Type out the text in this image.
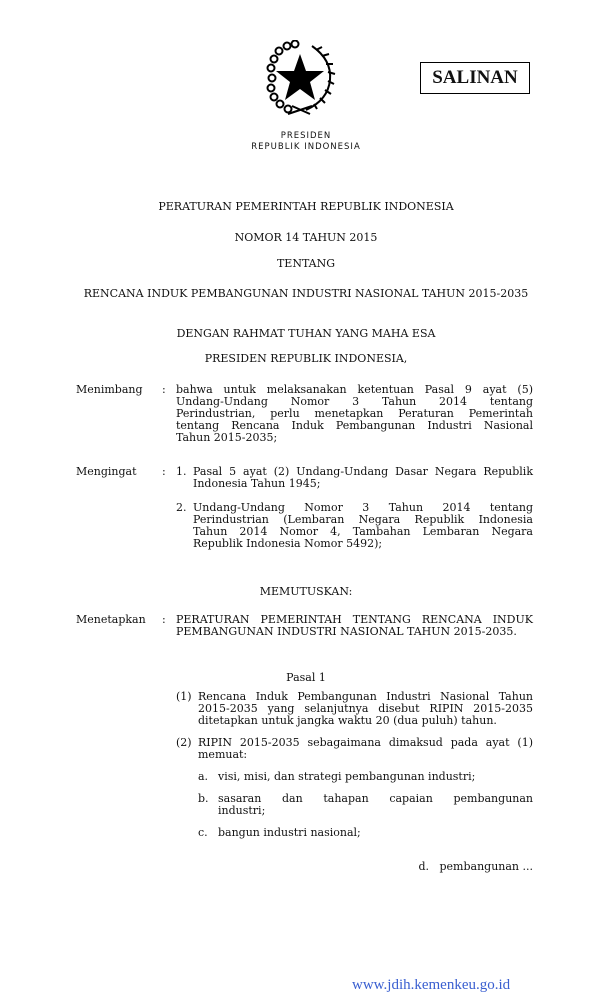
SALINAN
PRESIDEN
REPUBLIK INDONESIA
PERATURAN PEMERINTAH REPUBLIK INDONESIA
NOMOR 14 TAHUN 2015
TENTANG
RENCANA INDUK PEMBANGUNAN INDUSTRI NASIONAL TAHUN 2015-2035
DENGAN RAHMAT TUHAN YANG MAHA ESA
PRESIDEN REPUBLIK INDONESIA,
Menimbang : bahwa untuk melaksanakan ketentuan Pasal 9 ayat (5)
Undang-Undang Nomor 3 Tahun 2014 tentang
Perindustrian, perlu menetapkan Peraturan Pemerintah
tentang Rencana Induk Pembangunan Industri Nasional
Tahun 2015-2035;
Mengingat : 1. Pasal 5 ayat (2) Undang-Undang Dasar Negara Republik
Indonesia Tahun 1945;
2. Undang-Undang Nomor 3 Tahun 2014 tentang
Perindustrian (Lembaran Negara Republik Indonesia
Tahun 2014 Nomor 4, Tambahan Lembaran Negara
Republik Indonesia Nomor 5492);
MEMUTUSKAN:
Menetapkan : PERATURAN PEMERINTAH TENTANG RENCANA INDUK
PEMBANGUNAN INDUSTRI NASIONAL TAHUN 2015-2035.
Pasal 1
(1) Rencana Induk Pembangunan Industri Nasional Tahun
2015-2035 yang selanjutnya disebut RIPIN 2015-2035
ditetapkan untuk jangka waktu 20 (dua puluh) tahun.
(2) RIPIN 2015-2035 sebagaimana dimaksud pada ayat (1)
memuat:
a. visi, misi, dan strategi pembangunan industri;
b. sasaran dan tahapan capaian pembangunan
industri;
c. bangun industri nasional;
d.   pembangunan ...
www.jdih.kemenkeu.go.id
